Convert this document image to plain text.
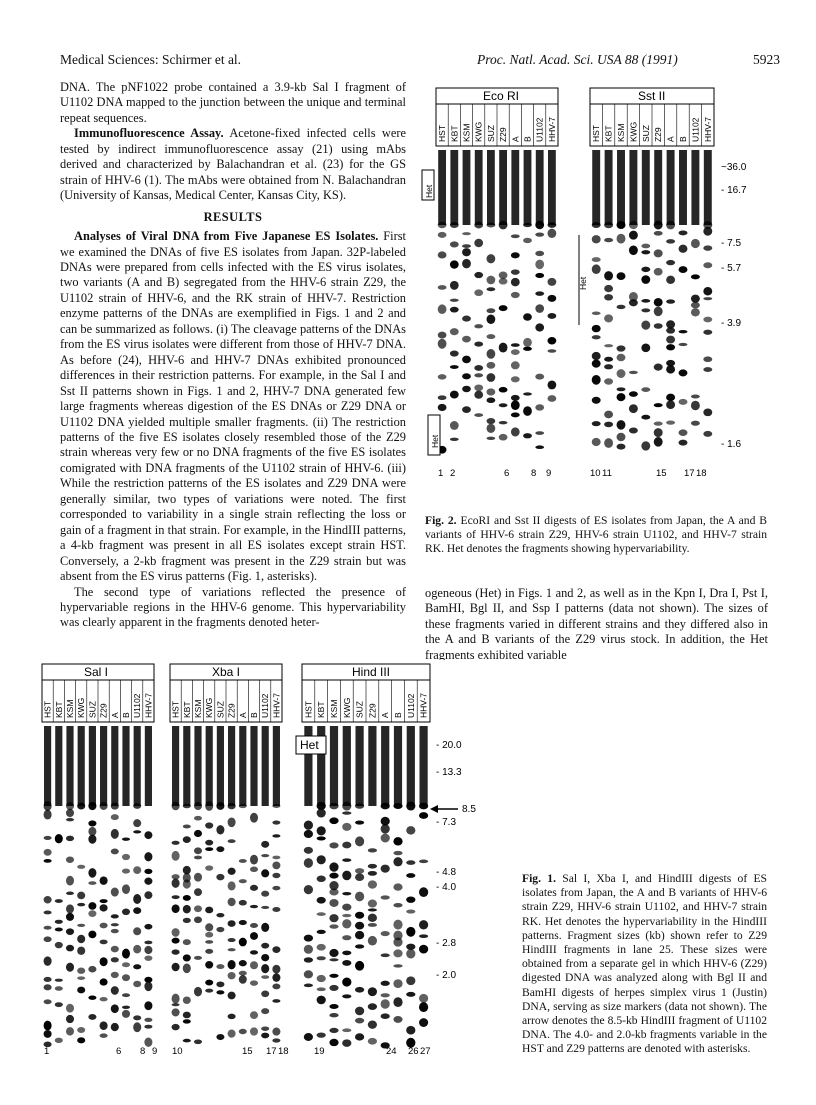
Medical Sciences: Schirmer et al.	Proc. Natl. Acad. Sci. USA 88 (1991)	5923

DNA. The pNF1022 probe contained a 3.9-kb Sal I fragment of U1102 DNA mapped to the junction between the unique and terminal repeat sequences.

Immunofluorescence Assay. Acetone-fixed infected cells were tested by indirect immunofluorescence assay (21) using mAbs derived and characterized by Balachandran et al. (23) for the GS strain of HHV-6 (1). The mAbs were obtained from N. Balachandran (University of Kansas, Medical Center, Kansas City, KS).

RESULTS

Analyses of Viral DNA from Five Japanese ES Isolates. First we examined the DNAs of five ES isolates from Japan. 32P-labeled DNAs were prepared from cells infected with the ES virus isolates, two variants (A and B) segregated from the HHV-6 strain Z29, the U1102 strain of HHV-6, and the RK strain of HHV-7. Restriction enzyme patterns of the DNAs are exemplified in Figs. 1 and 2 and can be summarized as follows. (i) The cleavage patterns of the DNAs from the ES virus isolates were different from those of HHV-7 DNA. As before (24), HHV-6 and HHV-7 DNAs exhibited pronounced differences in their restriction patterns. For example, in the Sal I and Sst II patterns shown in Figs. 1 and 2, HHV-7 DNA generated few large fragments whereas digestion of the ES DNAs or Z29 DNA or U1102 DNA yielded multiple smaller fragments. (ii) The restriction patterns of the five ES isolates closely resembled those of the Z29 strain whereas very few or no DNA fragments of the five ES isolates comigrated with DNA fragments of the U1102 strain of HHV-6. (iii) While the restriction patterns of the ES isolates and Z29 DNA were generally similar, two types of variations were noted. The first corresponded to variability in a single strain reflecting the loss or gain of a fragment in that strain. For example, in the HindIII patterns, a 4-kb fragment was present in all ES isolates except strain HST. Conversely, a 2-kb fragment was present in the Z29 strain but was absent from the ES virus patterns (Fig. 1, asterisks).

The second type of variations reflected the presence of hypervariable regions in the HHV-6 genome. This hypervariability was clearly apparent in the fragments denoted heter-

Eco RI
HST KBT KSM KWG SUZ Z29 A B U1102 HHV-7
Sst II
HST KBT KSM KWG SUZ Z29 A B U1102 HHV-7
Het
Het
Het
~36.0
- 16.7
- 7.5
- 5.7
- 3.9
- 1.6
1 2	6 8 9	10 11	15 17 18
Fig. 2. EcoRI and Sst II digests of ES isolates from Japan, the A and B variants of HHV-6 strain Z29, HHV-6 strain U1102, and HHV-7 strain RK. Het denotes the fragments showing hypervariability.

ogeneous (Het) in Figs. 1 and 2, as well as in the Kpn I, Dra I, Pst I, BamHI, Bgl II, and Ssp I patterns (data not shown). The sizes of these fragments varied in different strains and they differed also in the A and B variants of the Z29 virus stock. In addition, the Het fragments exhibited variable

Sal I
HST KBT KSM KWG SUZ Z29 A B U1102 HHV-7
Xba I
HST KBT KSM KWG SUZ Z29 A B U1102 HHV-7
Hind III
HST KBT KSM KWG SUZ Z29 A B U1102 HHV-7
Het	- 20.0
- 13.3
8.5
- 7.3
- 4.8
- 4.0
- 2.8
- 2.0
1	6 8 9 10	15 17 18	19	24 26 27
Fig. 1. Sal I, Xba I, and HindIII digests of ES isolates from Japan, the A and B variants of HHV-6 strain Z29, HHV-6 strain U1102, and HHV-7 strain RK. Het denotes the hypervariability in the HindIII patterns. Fragment sizes (kb) shown refer to Z29 HindIII fragments in lane 25. These sizes were obtained from a separate gel in which HHV-6 (Z29) digested DNA was analyzed along with Bgl II and BamHI digests of herpes simplex virus 1 (Justin) DNA, serving as size markers (data not shown). The arrow denotes the 8.5-kb HindIII fragment of U1102 DNA. The 4.0- and 2.0-kb fragments variable in the HST and Z29 patterns are denoted with asterisks.
